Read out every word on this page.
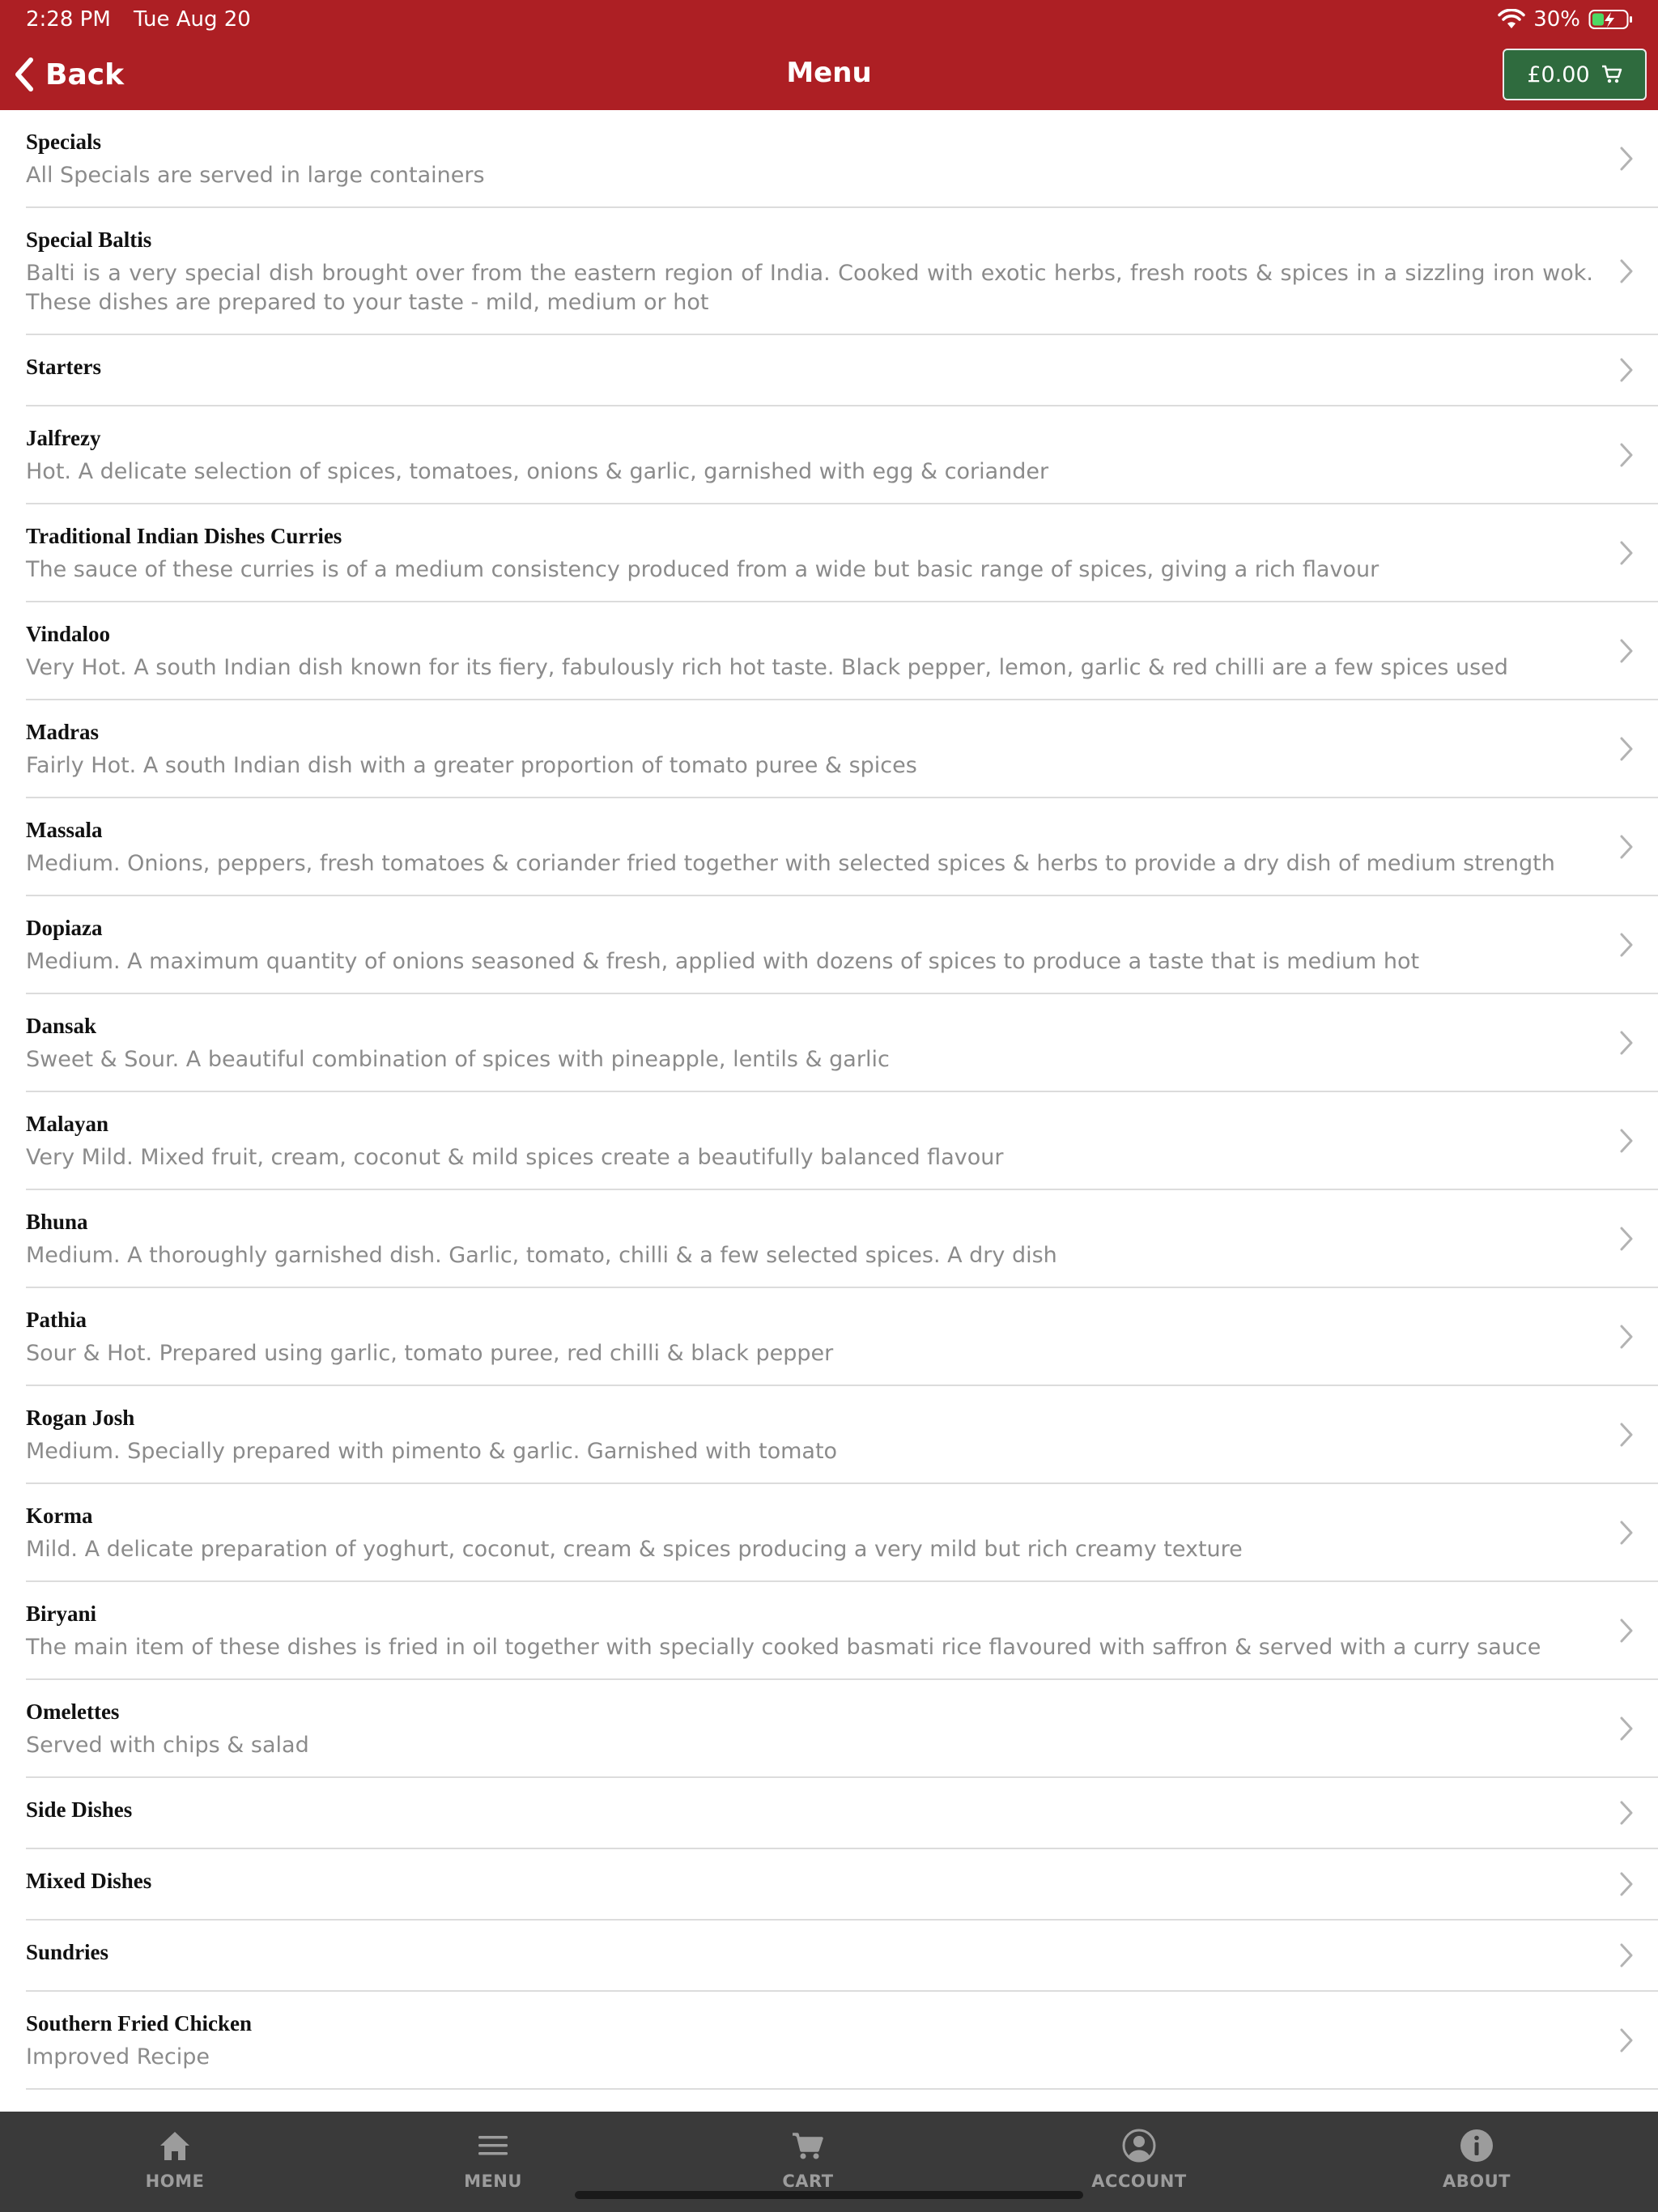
2:28 PM Tue Aug 20	30%
Back	Menu	£0.00
Specials
All Specials are served in large containers
Special Baltis
Balti is a very special dish brought over from the eastern region of India. Cooked with exotic herbs, fresh roots & spices in a sizzling iron wok. These dishes are prepared to your taste - mild, medium or hot
Starters
Jalfrezy
Hot. A delicate selection of spices, tomatoes, onions & garlic, garnished with egg & coriander
Traditional Indian Dishes Curries
The sauce of these curries is of a medium consistency produced from a wide but basic range of spices, giving a rich flavour
Vindaloo
Very Hot. A south Indian dish known for its fiery, fabulously rich hot taste. Black pepper, lemon, garlic & red chilli are a few spices used
Madras
Fairly Hot. A south Indian dish with a greater proportion of tomato puree & spices
Massala
Medium. Onions, peppers, fresh tomatoes & coriander fried together with selected spices & herbs to provide a dry dish of medium strength
Dopiaza
Medium. A maximum quantity of onions seasoned & fresh, applied with dozens of spices to produce a taste that is medium hot
Dansak
Sweet & Sour. A beautiful combination of spices with pineapple, lentils & garlic
Malayan
Very Mild. Mixed fruit, cream, coconut & mild spices create a beautifully balanced flavour
Bhuna
Medium. A thoroughly garnished dish. Garlic, tomato, chilli & a few selected spices. A dry dish
Pathia
Sour & Hot. Prepared using garlic, tomato puree, red chilli & black pepper
Rogan Josh
Medium. Specially prepared with pimento & garlic. Garnished with tomato
Korma
Mild. A delicate preparation of yoghurt, coconut, cream & spices producing a very mild but rich creamy texture
Biryani
The main item of these dishes is fried in oil together with specially cooked basmati rice flavoured with saffron & served with a curry sauce
Omelettes
Served with chips & salad
Side Dishes
Mixed Dishes
Sundries
Southern Fried Chicken
Improved Recipe
HOME	MENU	CART	ACCOUNT	ABOUT
